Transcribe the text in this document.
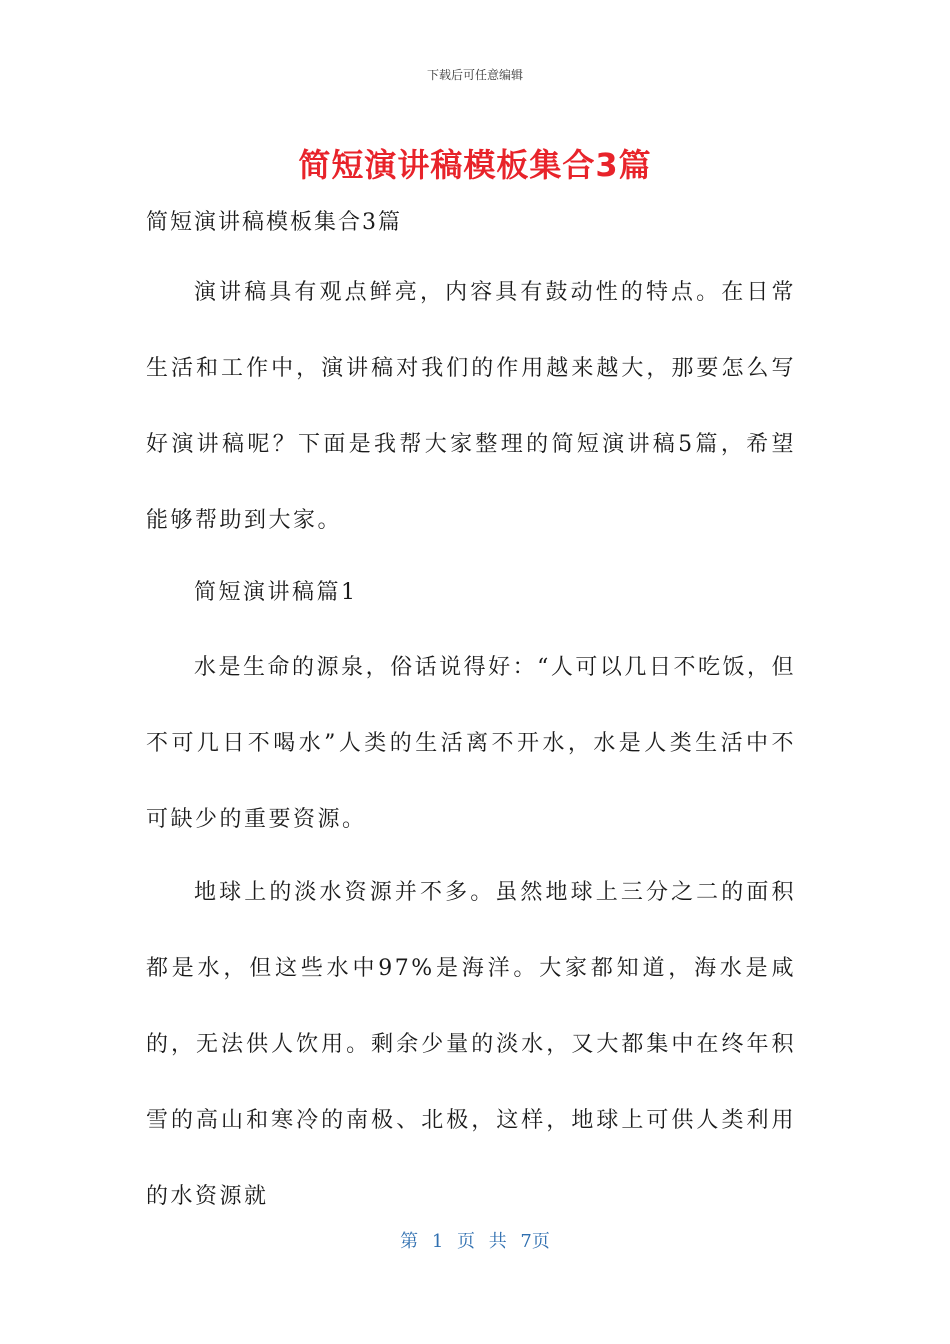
下载后可任意编辑
简短演讲稿模板集合3篇
简短演讲稿模板集合3篇
演讲稿具有观点鲜亮，内容具有鼓动性的特点。在日常生活和工作中，演讲稿对我们的作用越来越大，那要怎么写好演讲稿呢？下面是我帮大家整理的简短演讲稿5篇，希望能够帮助到大家。
简短演讲稿篇1
水是生命的源泉，俗话说得好：“人可以几日不吃饭，但不可几日不喝水”人类的生活离不开水，水是人类生活中不可缺少的重要资源。
地球上的淡水资源并不多。虽然地球上三分之二的面积都是水，但这些水中97%是海洋。大家都知道，海水是咸的，无法供人饮用。剩余少量的淡水，又大都集中在终年积雪的高山和寒冷的南极、北极，这样，地球上可供人类利用的水资源就
第 1 页 共 7页
